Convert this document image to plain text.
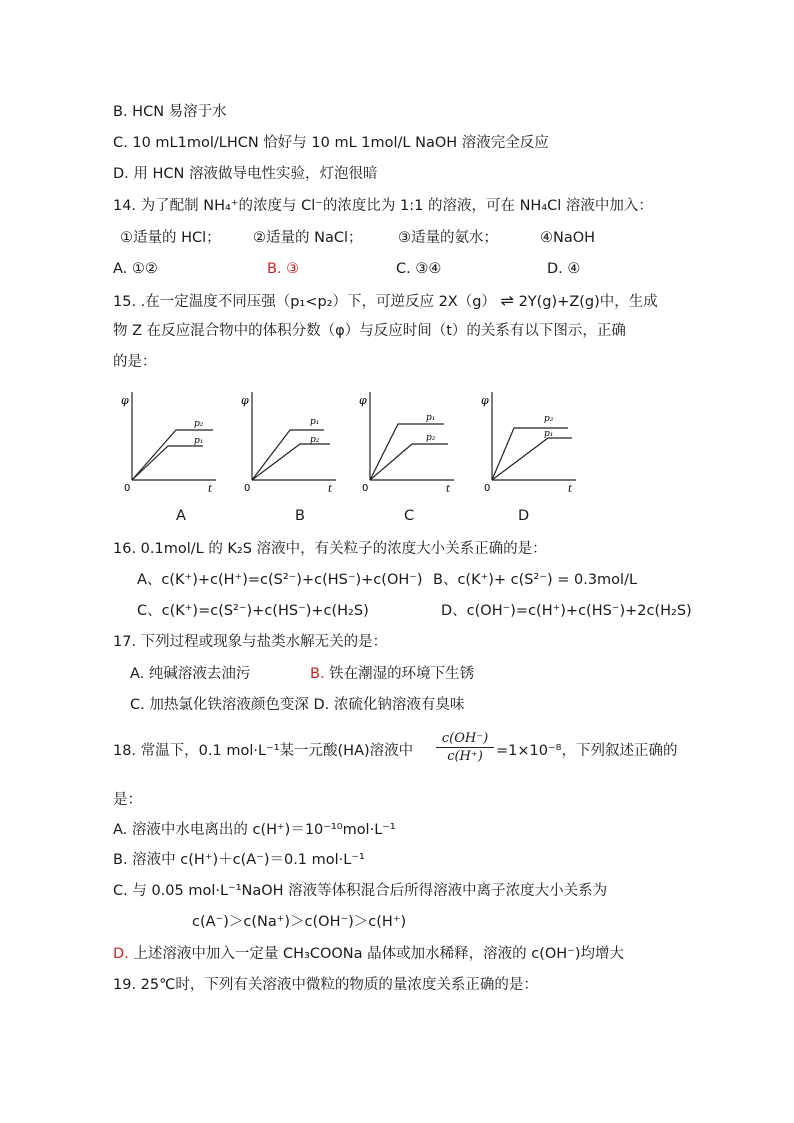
B. HCN 易溶于水
C. 10 mL1mol/LHCN 恰好与 10 mL 1mol/L NaOH 溶液完全反应
D. 用 HCN 溶液做导电性实验，灯泡很暗
14. 为了配制 NH₄⁺的浓度与 Cl⁻的浓度比为 1:1 的溶液，可在 NH₄Cl 溶液中加入：
①适量的 HCl； ②适量的 NaCl； ③适量的氨水；	④NaOH
A. ①②	B. ③	C. ③④	D. ④
15. .在一定温度不同压强（p₁<p₂）下，可逆反应 2X（g） ⇌ 2Y(g)+Z(g)中，生成
物 Z 在反应混合物中的体积分数（φ）与反应时间（t）的关系有以下图示，正确
的是：
φ
0	t
p₂
p₁
φ
0	t
p₁
p₂
φ
0	t
p₁
p₂
φ
0	t
p₂
p₁
A	B	C	D
16. 0.1mol/L 的 K₂S 溶液中，有关粒子的浓度大小关系正确的是：
A、c(K⁺)+c(H⁺)=c(S²⁻)+c(HS⁻)+c(OH⁻) B、c(K⁺)+ c(S²⁻) = 0.3mol/L
C、c(K⁺)=c(S²⁻)+c(HS⁻)+c(H₂S)	D、c(OH⁻)=c(H⁺)+c(HS⁻)+2c(H₂S)
17. 下列过程或现象与盐类水解无关的是：
A. 纯碱溶液去油污	B. 铁在潮湿的环境下生锈
C. 加热氯化铁溶液颜色变深 D. 浓硫化钠溶液有臭味
18. 常温下，0.1 mol·L⁻¹某一元酸(HA)溶液中 $\frac{c(OH^-)}{c(H^+)} =1\times 10^{-8}$，下列叙述正确的
是：
A. 溶液中水电离出的 c(H⁺)＝10⁻¹⁰mol·L⁻¹
B. 溶液中 c(H⁺)＋c(A⁻)＝0.1 mol·L⁻¹
C. 与 0.05 mol·L⁻¹NaOH 溶液等体积混合后所得溶液中离子浓度大小关系为
c(A⁻)＞c(Na⁺)＞c(OH⁻)＞c(H⁺)
D. 上述溶液中加入一定量 CH₃COONa 晶体或加水稀释，溶液的 c(OH⁻)均增大
19. 25℃时，下列有关溶液中微粒的物质的量浓度关系正确的是：
